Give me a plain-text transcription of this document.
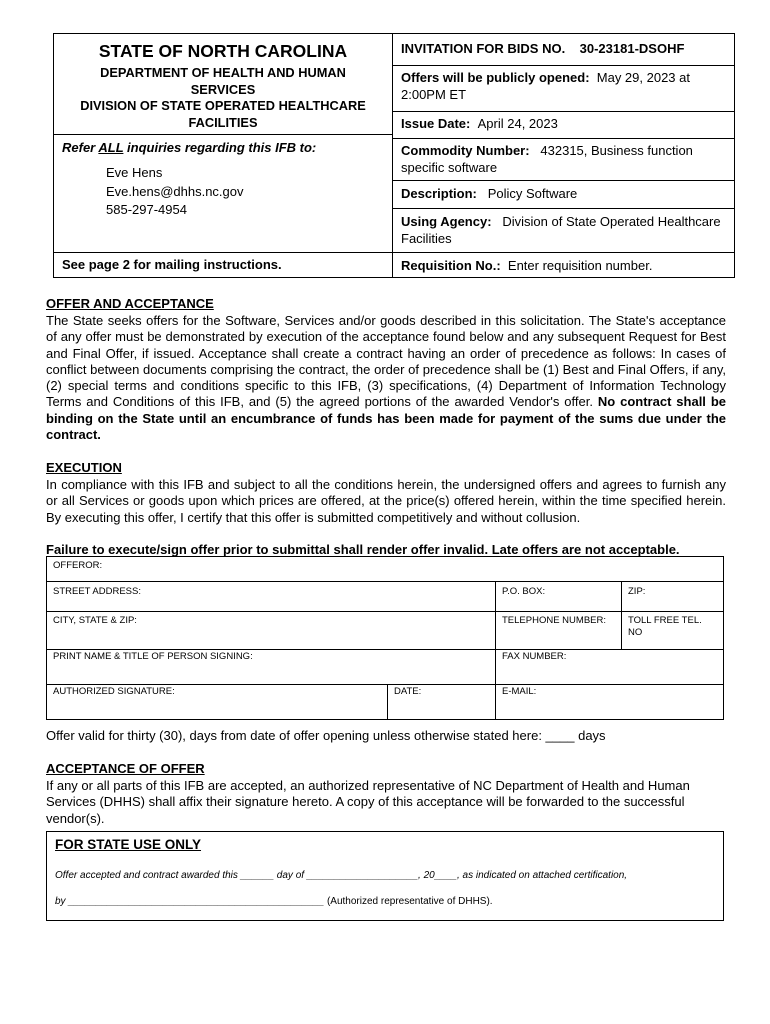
STATE OF NORTH CAROLINA
DEPARTMENT OF HEALTH AND HUMAN
SERVICES
DIVISION OF STATE OPERATED HEALTHCARE
FACILITIES
Refer ALL inquiries regarding this IFB to:
Eve Hens
Eve.hens@dhhs.nc.gov
585-297-4954
See page 2 for mailing instructions.
INVITATION FOR BIDS NO. 30-23181-DSOHF
Offers will be publicly opened: May 29, 2023 at 2:00PM ET
Issue Date: April 24, 2023
Commodity Number: 432315, Business function specific software
Description: Policy Software
Using Agency: Division of State Operated Healthcare Facilities
Requisition No.: Enter requisition number.
OFFER AND ACCEPTANCE
The State seeks offers for the Software, Services and/or goods described in this solicitation. The State's acceptance of any offer must be demonstrated by execution of the acceptance found below and any subsequent Request for Best and Final Offer, if issued. Acceptance shall create a contract having an order of precedence as follows: In cases of conflict between documents comprising the contract, the order of precedence shall be (1) Best and Final Offers, if any, (2) special terms and conditions specific to this IFB, (3) specifications, (4) Department of Information Technology Terms and Conditions of this IFB, and (5) the agreed portions of the awarded Vendor's offer. No contract shall be binding on the State until an encumbrance of funds has been made for payment of the sums due under the contract.
EXECUTION
In compliance with this IFB and subject to all the conditions herein, the undersigned offers and agrees to furnish any or all Services or goods upon which prices are offered, at the price(s) offered herein, within the time specified herein. By executing this offer, I certify that this offer is submitted competitively and without collusion.
Failure to execute/sign offer prior to submittal shall render offer invalid. Late offers are not acceptable.
OFFEROR:
STREET ADDRESS:	P.O. BOX:	ZIP:
CITY, STATE & ZIP:	TELEPHONE NUMBER:	TOLL FREE TEL. NO
PRINT NAME & TITLE OF PERSON SIGNING:	FAX NUMBER:
AUTHORIZED SIGNATURE:	DATE:	E-MAIL:
Offer valid for thirty (30), days from date of offer opening unless otherwise stated here: ____ days
ACCEPTANCE OF OFFER
If any or all parts of this IFB are accepted, an authorized representative of NC Department of Health and Human Services (DHHS) shall affix their signature hereto. A copy of this acceptance will be forwarded to the successful vendor(s).
FOR STATE USE ONLY
Offer accepted and contract awarded this ______ day of ____________________, 20____, as indicated on attached certification,
by ______________________________________________ (Authorized representative of DHHS).
